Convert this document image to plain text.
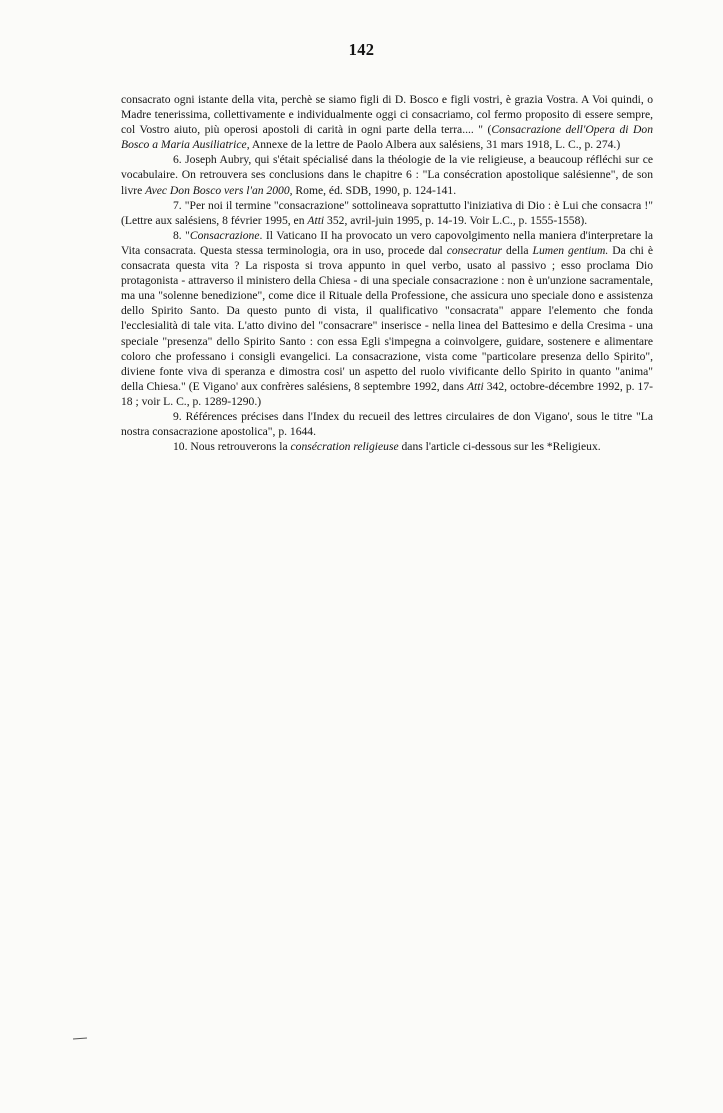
142

consacrato ogni istante della vita, perchè se siamo figli di D. Bosco e figli vostri, è grazia Vostra. A Voi quindi, o Madre tenerissima, collettivamente e individualmente oggi ci consacriamo, col fermo proposito di essere sempre, col Vostro aiuto, più operosi apostoli di carità in ogni parte della terra.... " (Consacrazione dell'Opera di Don Bosco a Maria Ausiliatrice, Annexe de la lettre de Paolo Albera aux salésiens, 31 mars 1918, L. C., p. 274.)

6. Joseph Aubry, qui s'était spécialisé dans la théologie de la vie religieuse, a beaucoup réfléchi sur ce vocabulaire. On retrouvera ses conclusions dans le chapitre 6 : "La consécration apostolique salésienne", de son livre Avec Don Bosco vers l'an 2000, Rome, éd. SDB, 1990, p. 124-141.

7. "Per noi il termine "consacrazione" sottolineava soprattutto l'iniziativa di Dio : è Lui che consacra !" (Lettre aux salésiens, 8 février 1995, en Atti 352, avril-juin 1995, p. 14-19. Voir L.C., p. 1555-1558).

8. "Consacrazione. Il Vaticano II ha provocato un vero capovolgimento nella maniera d'interpretare la Vita consacrata. Questa stessa terminologia, ora in uso, procede dal consecratur della Lumen gentium. Da chi è consacrata questa vita ? La risposta si trova appunto in quel verbo, usato al passivo ; esso proclama Dio protagonista - attraverso il ministero della Chiesa - di una speciale consacrazione : non è un'unzione sacramentale, ma una "solenne benedizione", come dice il Rituale della Professione, che assicura uno speciale dono e assistenza dello Spirito Santo. Da questo punto di vista, il qualificativo "consacrata" appare l'elemento che fonda l'ecclesialità di tale vita. L'atto divino del "consacrare" inserisce - nella linea del Battesimo e della Cresima - una speciale "presenza" dello Spirito Santo : con essa Egli s'impegna a coinvolgere, guidare, sostenere e alimentare coloro che professano i consigli evangelici. La consacrazione, vista come "particolare presenza dello Spirito", diviene fonte viva di speranza e dimostra cosi' un aspetto del ruolo vivificante dello Spirito in quanto "anima" della Chiesa." (E Vigano' aux confrères salésiens, 8 septembre 1992, dans Atti 342, octobre-décembre 1992, p. 17-18 ; voir L. C., p. 1289-1290.)

9. Références précises dans l'Index du recueil des lettres circulaires de don Vigano', sous le titre "La nostra consacrazione apostolica", p. 1644.

10. Nous retrouverons la consécration religieuse dans l'article ci-dessous sur les *Religieux.
